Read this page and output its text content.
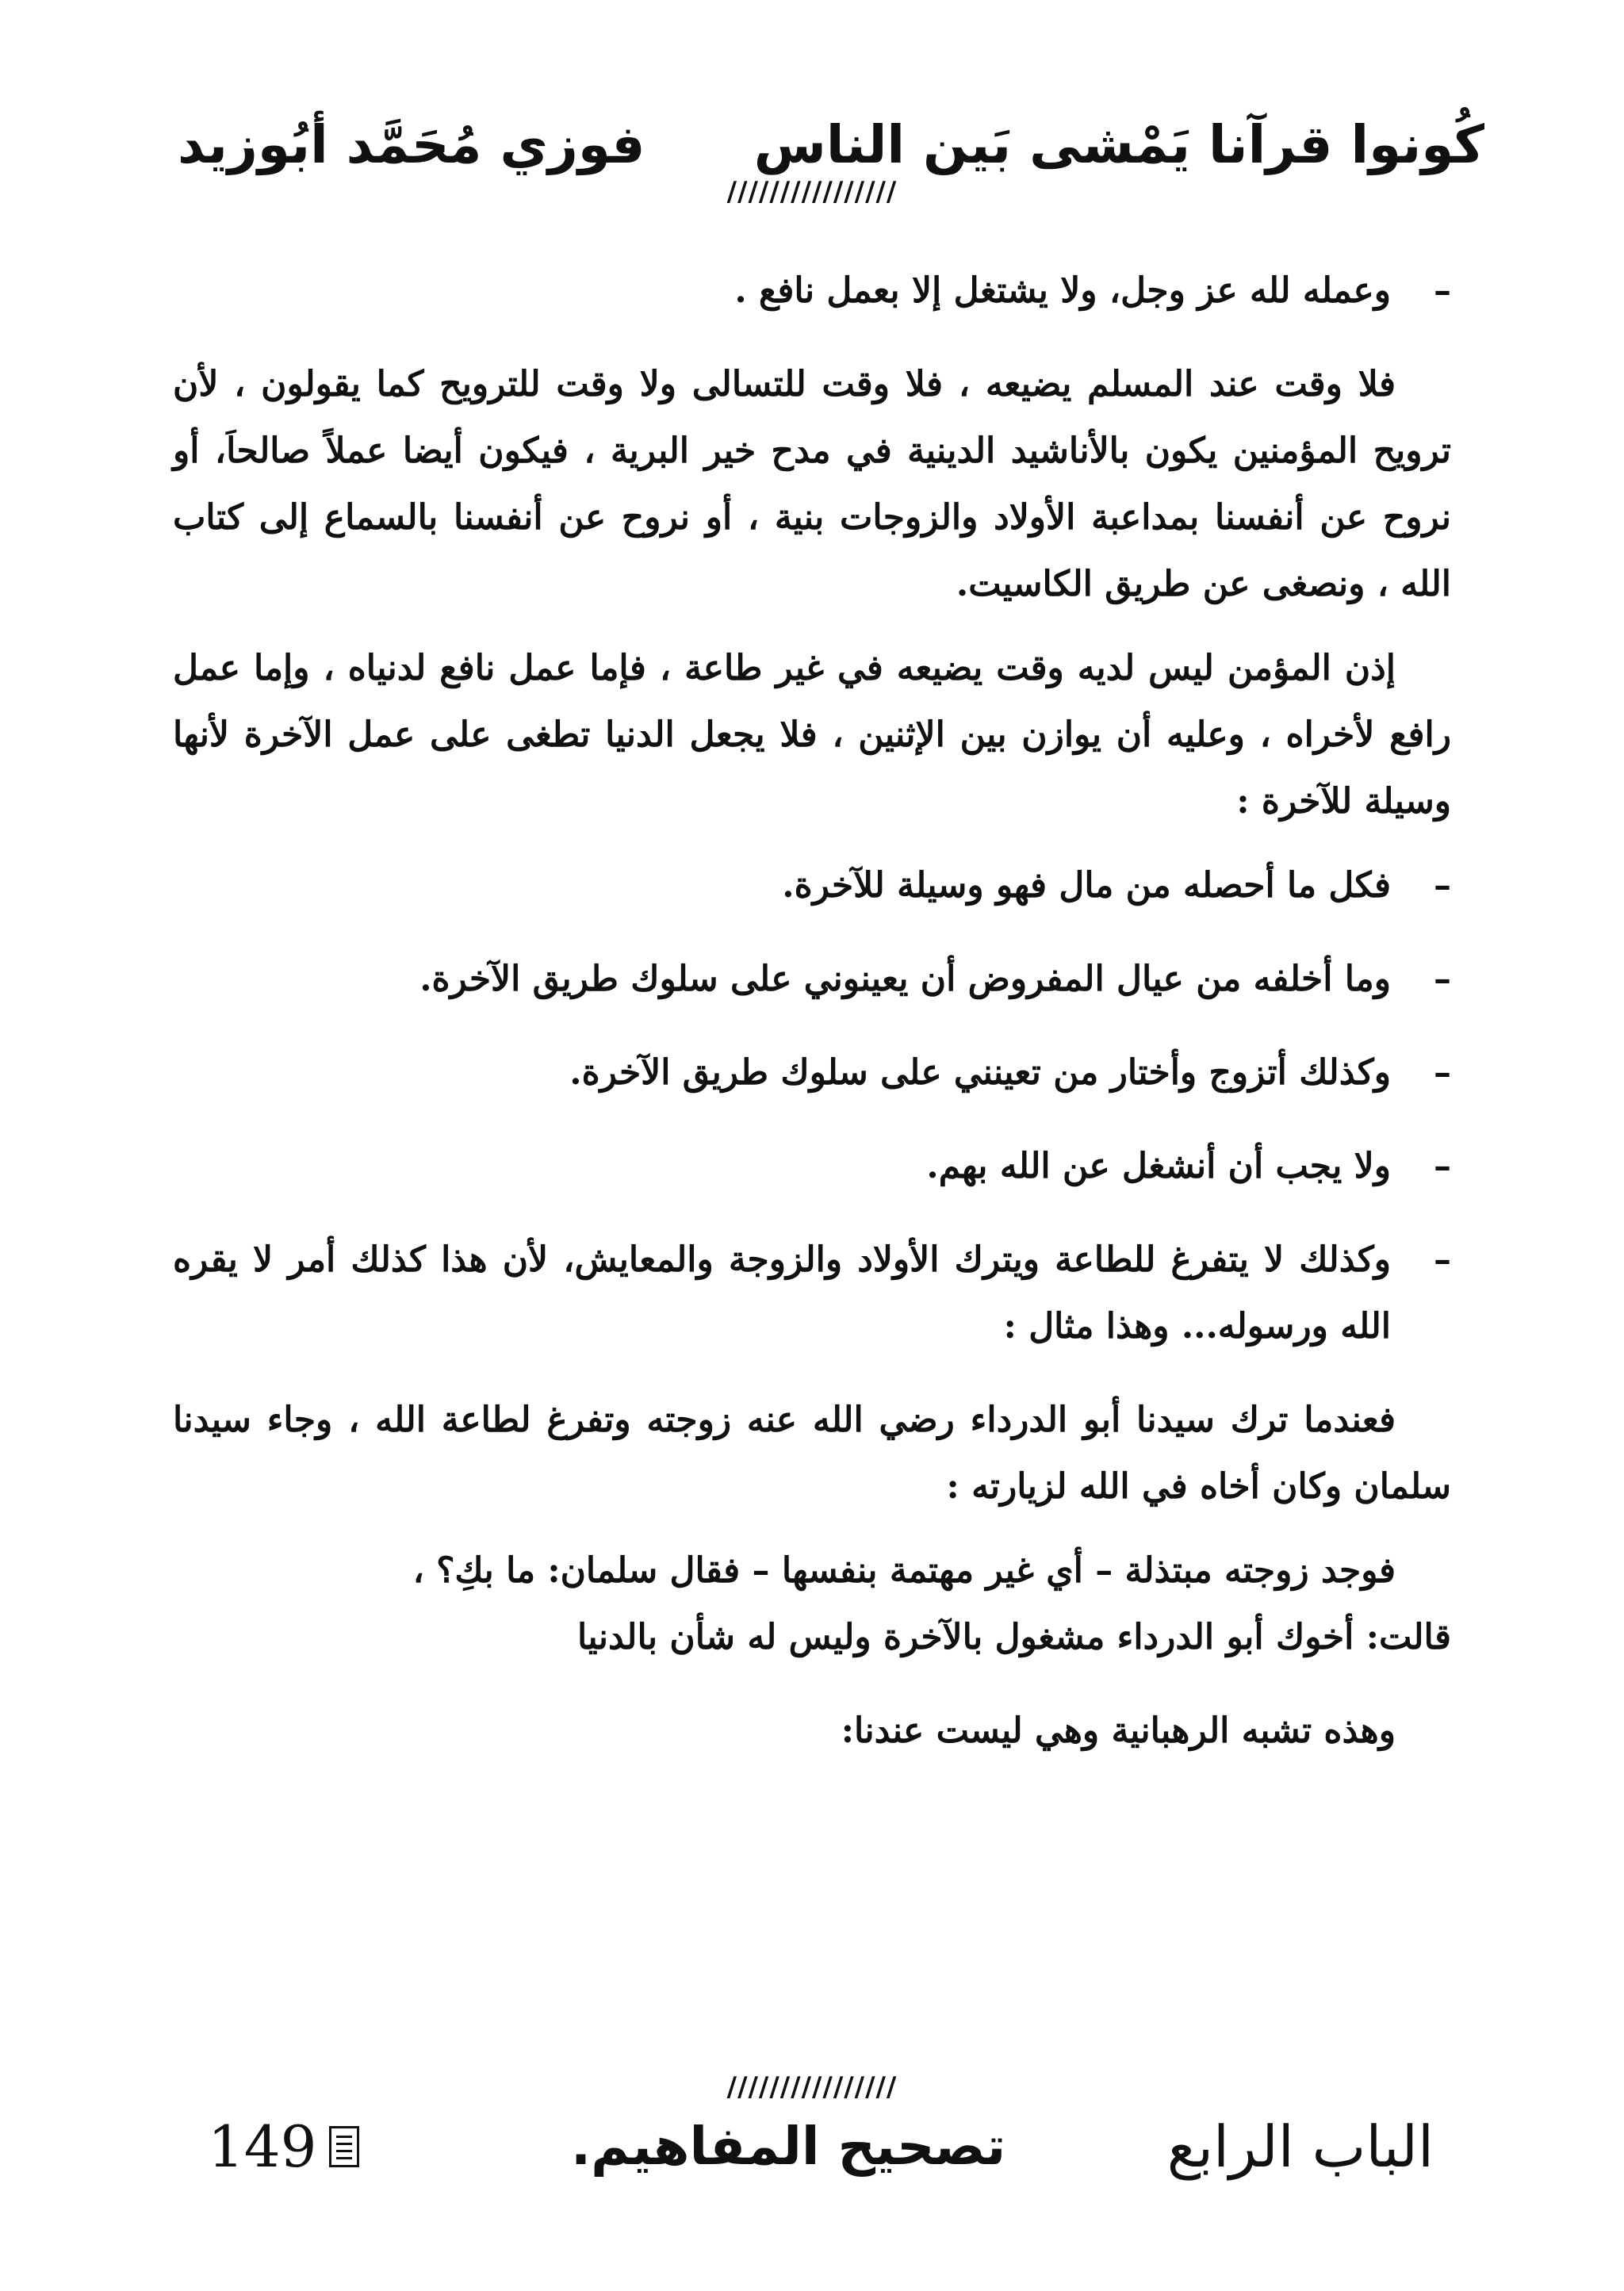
كُونوا قرآنا يَمْشى بَين الناس
فوزي مُحَمَّد أبُوزيد
////////////////
–
وعمله لله عز وجل، ولا يشتغل إلا بعمل نافع .

فلا وقت عند المسلم يضيعه ، فلا وقت للتسالى ولا وقت للترويح كما يقولون ، لأن ترويح المؤمنين يكون بالأناشيد الدينية في مدح خير البرية ، فيكون أيضا عملاً صالحاَ، أو نروح عن أنفسنا بمداعبة الأولاد والزوجات بنية ، أو نروح عن أنفسنا بالسماع إلى كتاب الله ، ونصغى عن طريق الكاسيت.

إذن المؤمن ليس لديه وقت يضيعه في غير طاعة ، فإما عمل نافع لدنياه ، وإما عمل رافع لأخراه ، وعليه أن يوازن بين الإثنين ، فلا يجعل الدنيا تطغى على عمل الآخرة لأنها وسيلة للآخرة :

–
فكل ما أحصله من مال فهو وسيلة للآخرة.
–
وما أخلفه من عيال المفروض أن يعينوني على سلوك طريق الآخرة.
–
وكذلك أتزوج وأختار من تعينني على سلوك طريق الآخرة.
–
ولا يجب أن أنشغل عن الله بهم.
–
وكذلك لا يتفرغ للطاعة ويترك الأولاد والزوجة والمعايش، لأن هذا كذلك أمر لا يقره الله ورسوله... وهذا مثال :

فعندما ترك سيدنا أبو الدرداء رضي الله عنه زوجته وتفرغ لطاعة الله ، وجاء سيدنا سلمان وكان أخاه في الله لزيارته :

فوجد زوجته مبتذلة – أي غير مهتمة بنفسها – فقال سلمان: ما بكِ؟ ،
قالت: أخوك أبو الدرداء مشغول بالآخرة وليس له شأن بالدنيا
وهذه تشبه الرهبانية وهي ليست عندنا:
////////////////
الباب الرابع
تصحيح المفاهيم.
149
